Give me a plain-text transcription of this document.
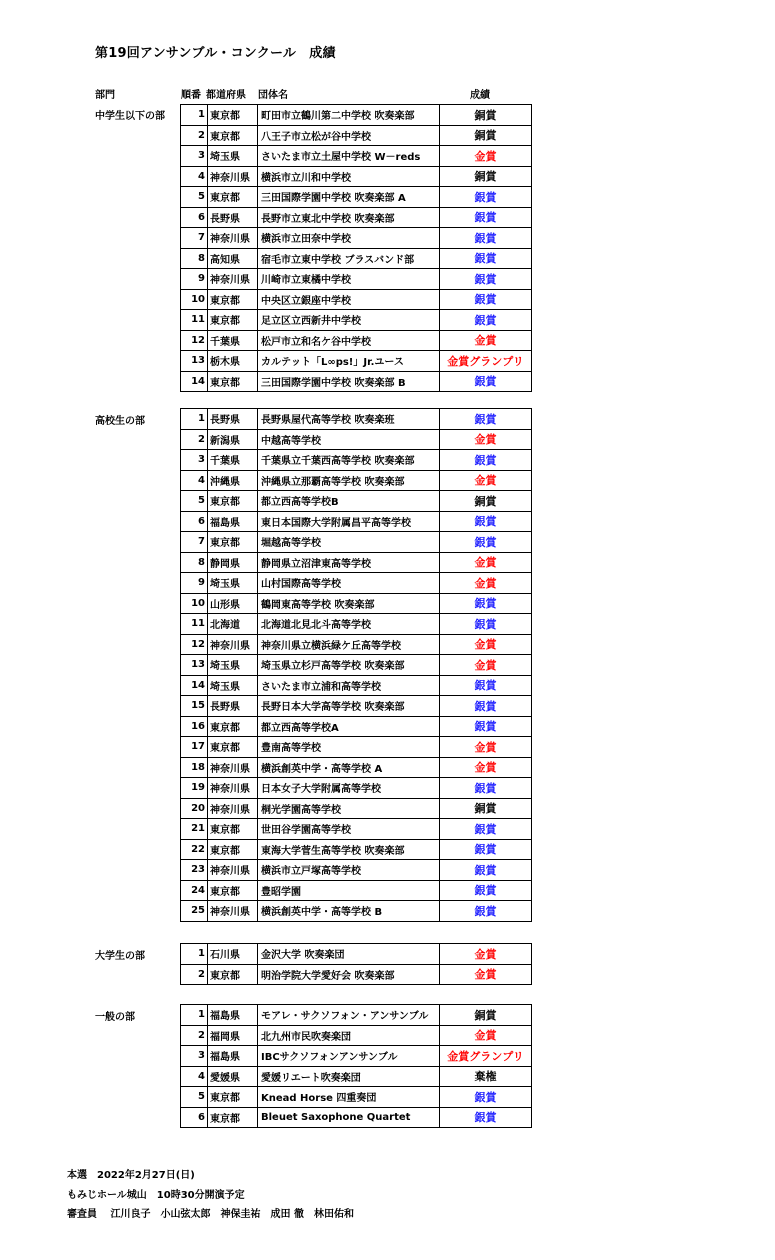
第19回アンサンブル・コンクール　成績
部門	順番 都道府県 団体名	成績
中学生以下の部	1	東京都	町田市立鶴川第二中学校 吹奏楽部	銅賞
2	東京都	八王子市立松が谷中学校	銅賞
3	埼玉県	さいたま市立土屋中学校 W－reds	金賞
4	神奈川県	横浜市立川和中学校	銅賞
5	東京都	三田国際学園中学校 吹奏楽部 A	銀賞
6	長野県	長野市立東北中学校 吹奏楽部	銀賞
7	神奈川県	横浜市立田奈中学校	銀賞
8	高知県	宿毛市立東中学校 ブラスバンド部	銀賞
9	神奈川県	川崎市立東橘中学校	銀賞
10	東京都	中央区立銀座中学校	銀賞
11	東京都	足立区立西新井中学校	銀賞
12	千葉県	松戸市立和名ケ谷中学校	金賞
13	栃木県	カルテット「L∞ps!」Jr.ユース	金賞グランプリ
14	東京都	三田国際学園中学校 吹奏楽部 B	銀賞
高校生の部	1	長野県	長野県屋代高等学校 吹奏楽班	銀賞
2	新潟県	中越高等学校	金賞
3	千葉県	千葉県立千葉西高等学校 吹奏楽部	銀賞
4	沖縄県	沖縄県立那覇高等学校 吹奏楽部	金賞
5	東京都	都立西高等学校B	銅賞
6	福島県	東日本国際大学附属昌平高等学校	銀賞
7	東京都	堀越高等学校	銀賞
8	静岡県	静岡県立沼津東高等学校	金賞
9	埼玉県	山村国際高等学校	金賞
10	山形県	鶴岡東高等学校 吹奏楽部	銀賞
11	北海道	北海道北見北斗高等学校	銀賞
12	神奈川県	神奈川県立横浜緑ケ丘高等学校	金賞
13	埼玉県	埼玉県立杉戸高等学校 吹奏楽部	金賞
14	埼玉県	さいたま市立浦和高等学校	銀賞
15	長野県	長野日本大学高等学校 吹奏楽部	銀賞
16	東京都	都立西高等学校A	銀賞
17	東京都	豊南高等学校	金賞
18	神奈川県	横浜創英中学・高等学校 A	金賞
19	神奈川県	日本女子大学附属高等学校	銀賞
20	神奈川県	桐光学園高等学校	銅賞
21	東京都	世田谷学園高等学校	銀賞
22	東京都	東海大学菅生高等学校 吹奏楽部	銀賞
23	神奈川県	横浜市立戸塚高等学校	銀賞
24	東京都	豊昭学園	銀賞
25	神奈川県	横浜創英中学・高等学校 B	銀賞
大学生の部	1	石川県	金沢大学 吹奏楽団	金賞
2	東京都	明治学院大学愛好会 吹奏楽部	金賞
一般の部	1	福島県	モアレ・サクソフォン・アンサンブル	銅賞
2	福岡県	北九州市民吹奏楽団	金賞
3	福島県	IBCサクソフォンアンサンブル	金賞グランプリ
4	愛媛県	愛媛リエート吹奏楽団	棄権
5	東京都	Knead Horse 四重奏団	銀賞
6	東京都	Bleuet Saxophone Quartet	銀賞
本選　2022年2月27日(日)
もみじホール城山　10時30分開演予定
審査員　 江川良子　小山弦太郎　神保圭祐　成田 徹　林田佑和
